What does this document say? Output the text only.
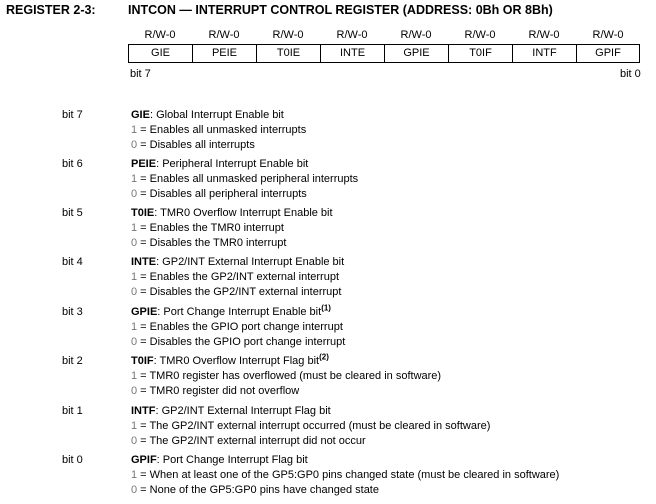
REGISTER 2-3:	INTCON — INTERRUPT CONTROL REGISTER (ADDRESS: 0Bh OR 8Bh)
R/W-0	R/W-0	R/W-0	R/W-0	R/W-0	R/W-0	R/W-0	R/W-0
GIE	PEIE	T0IE	INTE	GPIE	T0IF	INTF	GPIF
bit 7	bit 0
bit 7	GIE: Global Interrupt Enable bit
1 = Enables all unmasked interrupts
0 = Disables all interrupts
bit 6	PEIE: Peripheral Interrupt Enable bit
1 = Enables all unmasked peripheral interrupts
0 = Disables all peripheral interrupts
bit 5	T0IE: TMR0 Overflow Interrupt Enable bit
1 = Enables the TMR0 interrupt
0 = Disables the TMR0 interrupt
bit 4	INTE: GP2/INT External Interrupt Enable bit
1 = Enables the GP2/INT external interrupt
0 = Disables the GP2/INT external interrupt
bit 3	GPIE: Port Change Interrupt Enable bit$^{(1)}$
1 = Enables the GPIO port change interrupt
0 = Disables the GPIO port change interrupt
bit 2	T0IF: TMR0 Overflow Interrupt Flag bit$^{(2)}$
1 = TMR0 register has overflowed (must be cleared in software)
0 = TMR0 register did not overflow
bit 1	INTF: GP2/INT External Interrupt Flag bit
1 = The GP2/INT external interrupt occurred (must be cleared in software)
0 = The GP2/INT external interrupt did not occur
bit 0	GPIF: Port Change Interrupt Flag bit
1 = When at least one of the GP5:GP0 pins changed state (must be cleared in software)
0 = None of the GP5:GP0 pins have changed state
